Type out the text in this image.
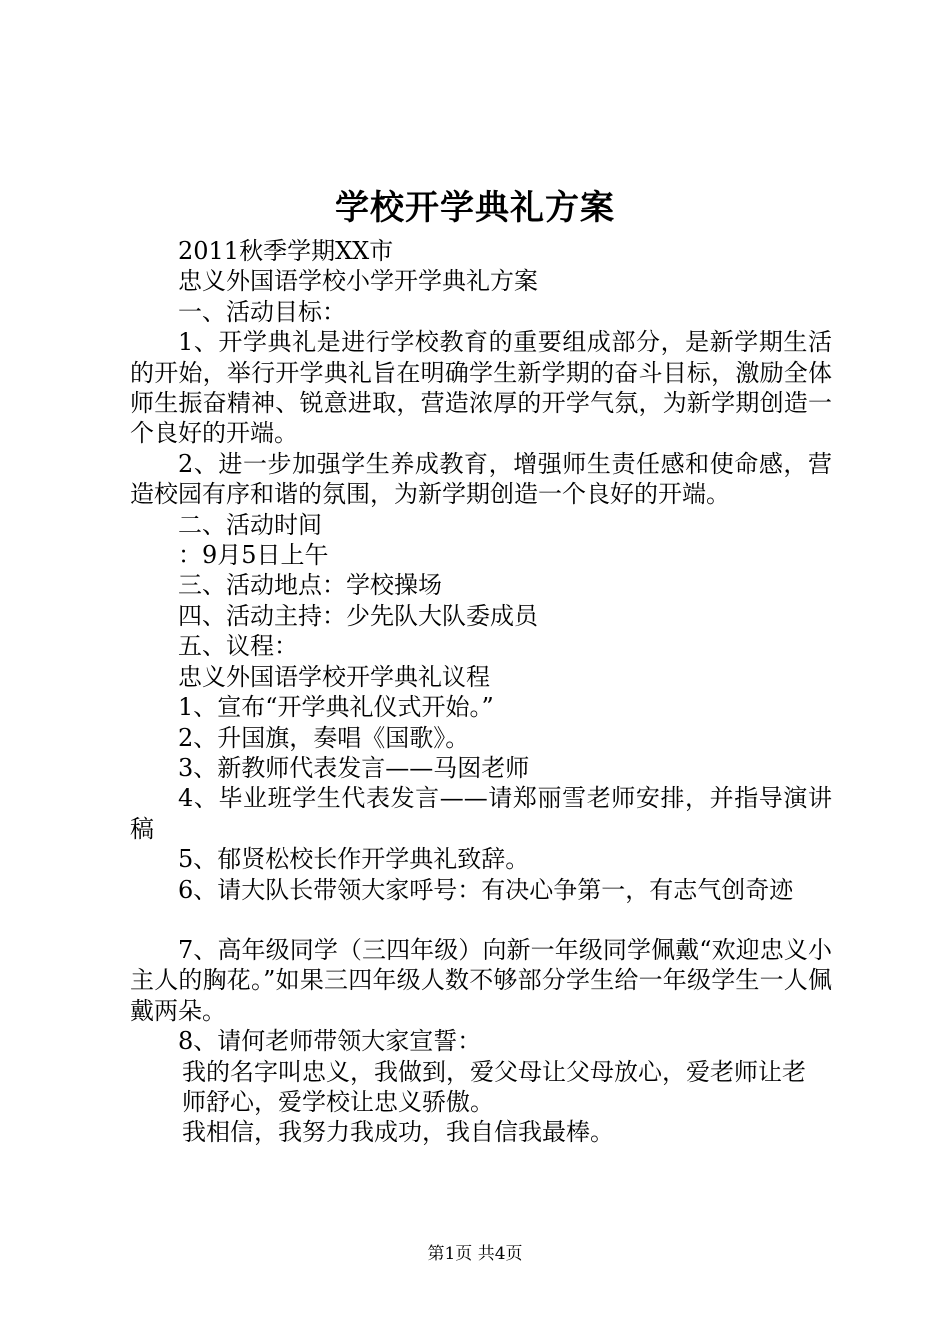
学校开学典礼方案

2011秋季学期XX市

忠义外国语学校小学开学典礼方案

一、活动目标：

1、开学典礼是进行学校教育的重要组成部分，是新学期生活的开始，举行开学典礼旨在明确学生新学期的奋斗目标，激励全体师生振奋精神、锐意进取，营造浓厚的开学气氛，为新学期创造一个良好的开端。

2、进一步加强学生养成教育，增强师生责任感和使命感，营造校园有序和谐的氛围，为新学期创造一个良好的开端。

二、活动时间

：9月5日上午

三、活动地点：学校操场

四、活动主持：少先队大队委成员

五、议程：

忠义外国语学校开学典礼议程

1、宣布“开学典礼仪式开始。”

2、升国旗，奏唱《国歌》。

3、新教师代表发言——马囡老师

4、毕业班学生代表发言——请郑丽雪老师安排，并指导演讲稿

5、郁贤松校长作开学典礼致辞。

6、请大队长带领大家呼号：有决心争第一，有志气创奇迹

7、高年级同学（三四年级）向新一年级同学佩戴“欢迎忠义小主人的胸花。”如果三四年级人数不够部分学生给一年级学生一人佩戴两朵。

8、请何老师带领大家宣誓：

我的名字叫忠义，我做到，爱父母让父母放心，爱老师让老

师舒心，爱学校让忠义骄傲。

我相信，我努力我成功，我自信我最棒。

第1页 共4页
